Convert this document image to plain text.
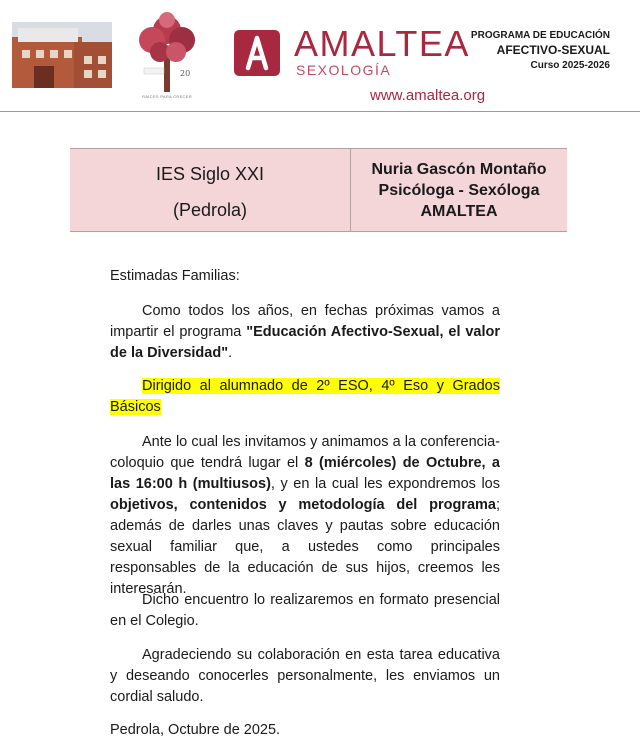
20
RAÍCES PARA CRECER
AMALTEA
SEXOLOGÍA
www.amaltea.org
PROGRAMA DE EDUCACIÓN
AFECTIVO-SEXUAL
Curso 2025-2026
IES Siglo XXI
(Pedrola)
Nuria Gascón Montaño
Psicóloga - Sexóloga
AMALTEA

Estimadas Familias:

Como todos los años, en fechas próximas vamos a impartir el programa "Educación Afectivo-Sexual, el valor de la Diversidad".

Dirigido al alumnado de 2º ESO, 4º Eso y Grados Básicos

Ante lo cual les invitamos y animamos a la conferencia-coloquio que tendrá lugar el 8 (miércoles) de Octubre, a las 16:00 h (multiusos), y en la cual les expondremos los objetivos, contenidos y metodología del programa; además de darles unas claves y pautas sobre educación sexual familiar que, a ustedes como principales responsables de la educación de sus hijos, creemos les interesarán.

Dicho encuentro lo realizaremos en formato presencial en el Colegio.

Agradeciendo su colaboración en esta tarea educativa y deseando conocerles personalmente, les enviamos un cordial saludo.

Pedrola, Octubre de 2025.
